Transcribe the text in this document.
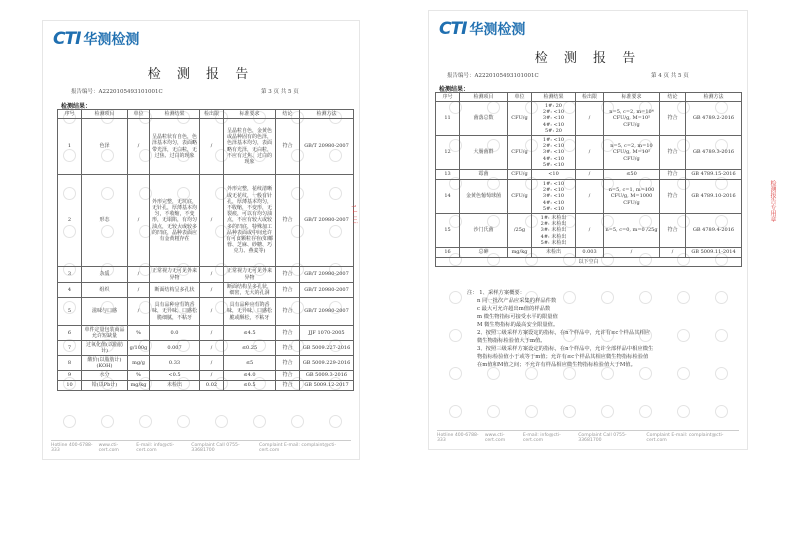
CTI 华测检测
检 测 报 告
报告编号：A2220105493101001C	第 3 页 共 5 页
检测结果：
序号	检测项目	单位	检测结果	检出限	标准要求	结论	检测方法
1	色泽	/	呈晶粒状有自色，色泽基本均匀，表面略带光泽，无白粒，无过焦、过白的现象	/	呈晶粒自色，金黄色或晶种固有的色泽，色泽基本均匀，表面略有光泽，无白粒，不应有过焦、过白的现象	符合	GB/T 20980-2007
2	形态	/	外形完整，无坑底，无针孔，厚薄基本均匀，不收缩，不变形，无塌陷，有均匀油点，无较大或较多的凹底，晶种表面应有金黄粗存在	/	外形完整，花纹清晰或无花纹，一般有针孔，厚薄基本均匀，不收缩，不变形，无裂痕，可以有均匀油点，不应有较大或较多的凹底，特殊加工品种表面或中间允许有可食颗粒存在(如椰蓉、芝麻、砂糖、巧克力、燕麦等)	符合	GB/T 20980-2007
3	杂质	/	正常视力无可见外来异物	/	正常视力无可见外来异物	符合	GB/T 20980-2007
4	组织	/	断面结构呈多孔状	/	断面结构呈多孔状，细密，无大的孔洞	符合	GB/T 20980-2007
5	滋味与口感	/	具有品种应有的香味，无异味，口感松脆细腻，不粘牙	/	具有品种应有的香味，无异味，口感松脆或酥松，不粘牙	符合	GB/T 20980-2007
6	单件定量包装商品允许短缺量	%	0.0	/	≤4.5	符合	JJF 1070-2005
7	过氧化值(以脂肪计)	g/100g	0.007	/	≤0.25	符合	GB 5009.227-2016
8	酸价(以脂肪计)(KOH)	mg/g	0.33	/	≤5	符合	GB 5009.229-2016
9	水分	%	<0.5	/	≤4.0	符合	GB 5009.3-2016
10	铅(以Pb计)	mg/kg	未检出	0.02	≤0.5	符合	GB 5009.12-2017
Hotline 400-6788-333
www.cti-cert.com
E-mail: info@cti-cert.com
Complaint Call 0755-33681700
Complaint E-mail: complaint@cti-cert.com
┐⊥ ∷ ⁞
CTI 华测检测
检 测 报 告
报告编号：A2220105493101001C	第 4 页 共 5 页
检测结果：
序号	检测项目	单位	检测结果	检出限	标准要求	结论	检测方法
11	菌落总数	CFU/g	1#: 20
2#: <10
3#: <10
4#: <10
5#: 20	/	n=5, c=2, m=10⁴ CFU/g, M=10⁵ CFU/g	符合	GB 4789.2-2016
12	大肠菌群	CFU/g	1#: <10
2#: <10
3#: <10
4#: <10
5#: <10	/	n=5, c=2, m=10 CFU/g, M=10² CFU/g	符合	GB 4789.3-2016
13	霉菌	CFU/g	<10	/	≤50	符合	GB 4789.15-2016
14	金黄色葡萄球菌	CFU/g	1#: <10
2#: <10
3#: <10
4#: <10
5#: <10	/	n=5, c=1, m=100 CFU/g, M=1000 CFU/g	符合	GB 4789.10-2016
15	沙门氏菌	/25g	1#: 未检出
2#: 未检出
3#: 未检出
4#: 未检出
5#: 未检出	/	n=5, c=0, m=0 /25g	符合	GB 4789.4-2016
16	总砷	mg/kg	未检出	0.003	/	/	GB 5009.11-2014
以下空白							
注： 1、采样方案概要：
n 同一批次产品应采集的样品件数
c 最大可允许超出m值的样品数
m 微生物指标可接受水平的限量值
M 微生物指标的最高安全限量值。
2、按照二级采样方案设定的指标，在n个样品中，允许有≤c个样品其相应
微生物指标检验值大于m值。
3、按照三级采样方案设定的指标，在n个样品中，允许全部样品中相应微生
物指标检验值小于或等于m值；允许有≤c个样品其相应微生物指标检验值
在m值和M值之间；不允许有样品相应微生物指标检验值大于M值。
Hotline 400-6788-333
www.cti-cert.com
E-mail: info@cti-cert.com
Complaint Call 0755-33681700
Complaint E-mail: complaint@cti-cert.com
检测报告专用章
